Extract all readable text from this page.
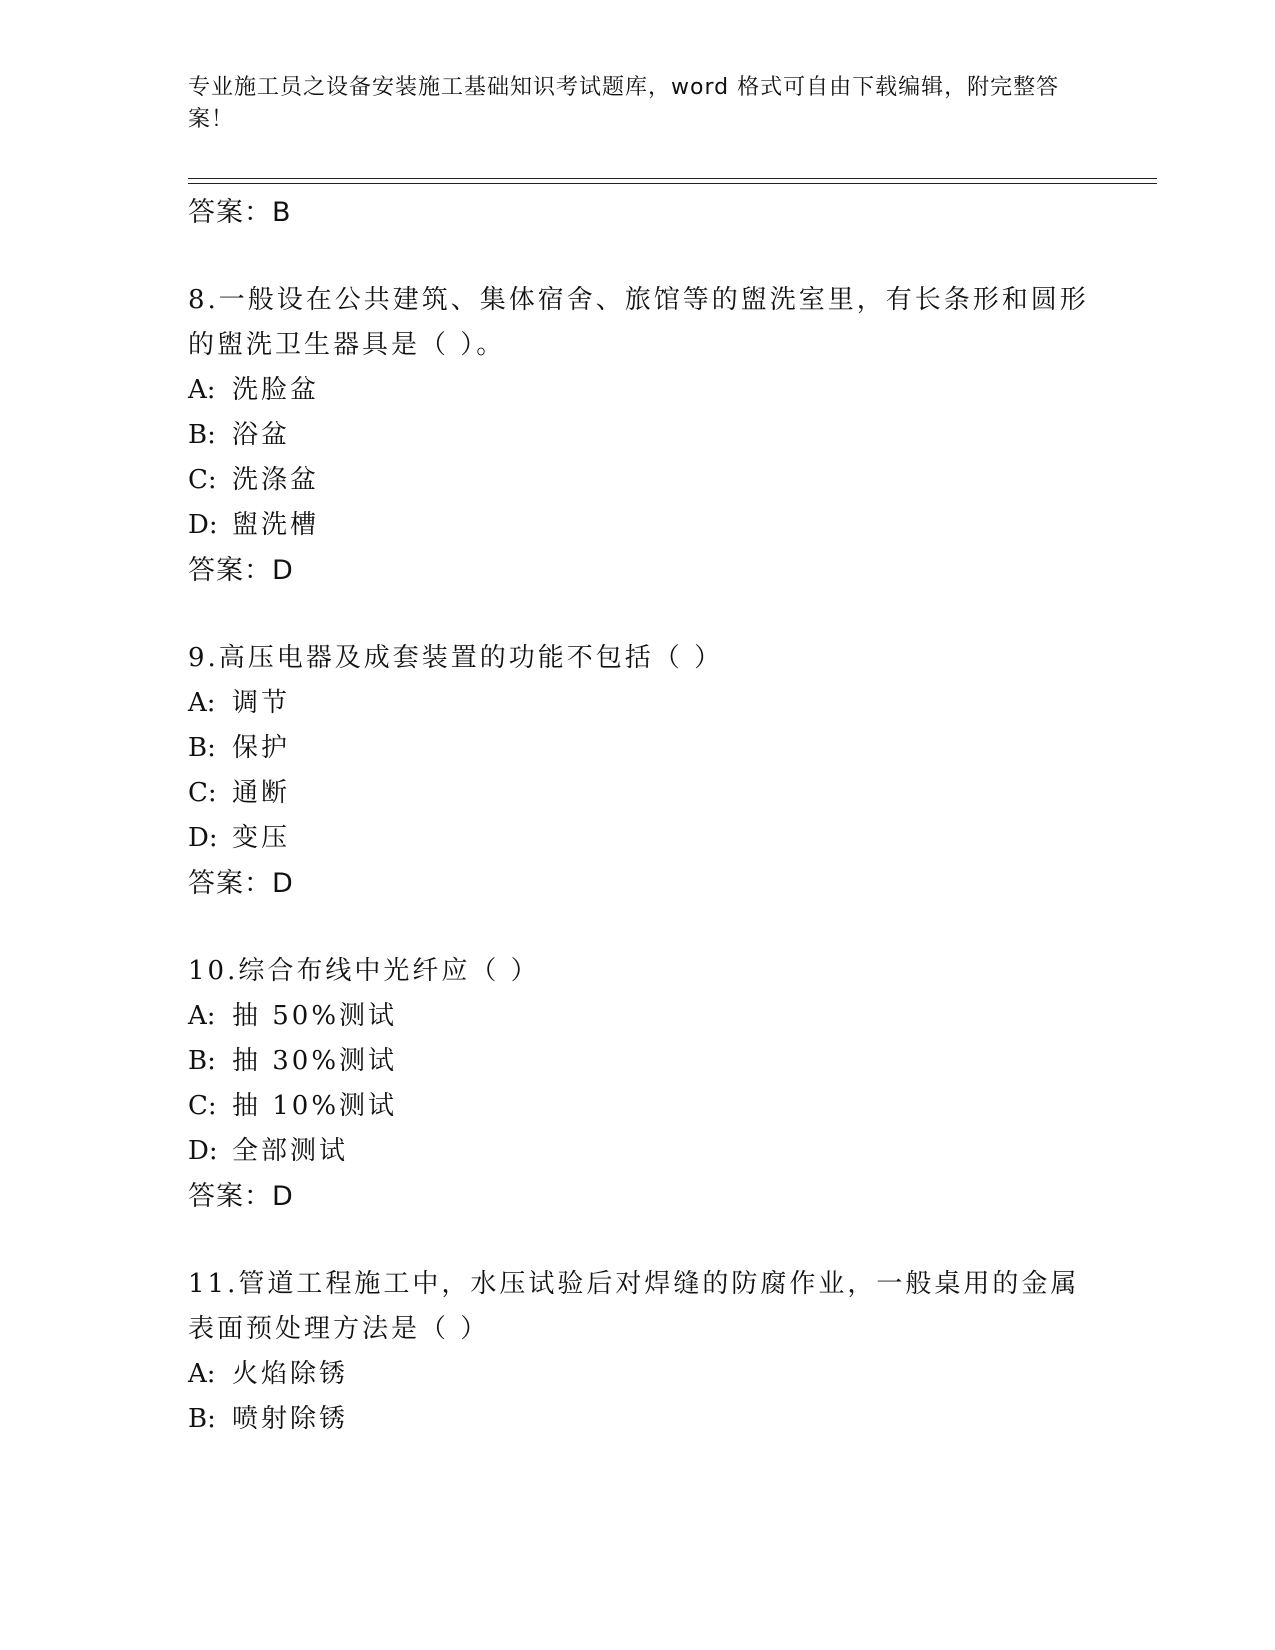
专业施工员之设备安装施工基础知识考试题库，word 格式可自由下载编辑，附完整答案！
答案：B
8.一般设在公共建筑、集体宿舍、旅馆等的盥洗室里，有长条形和圆形的盥洗卫生器具是（ ）。
A: 洗脸盆
B: 浴盆
C: 洗涤盆
D: 盥洗槽
答案：D
9.高压电器及成套装置的功能不包括（ ）
A: 调节
B: 保护
C: 通断
D: 变压
答案：D
10.综合布线中光纤应（ ）
A: 抽 50%测试
B: 抽 30%测试
C: 抽 10%测试
D: 全部测试
答案：D
11.管道工程施工中，水压试验后对焊缝的防腐作业，一般桌用的金属表面预处理方法是（ ）
A: 火焰除锈
B: 喷射除锈
